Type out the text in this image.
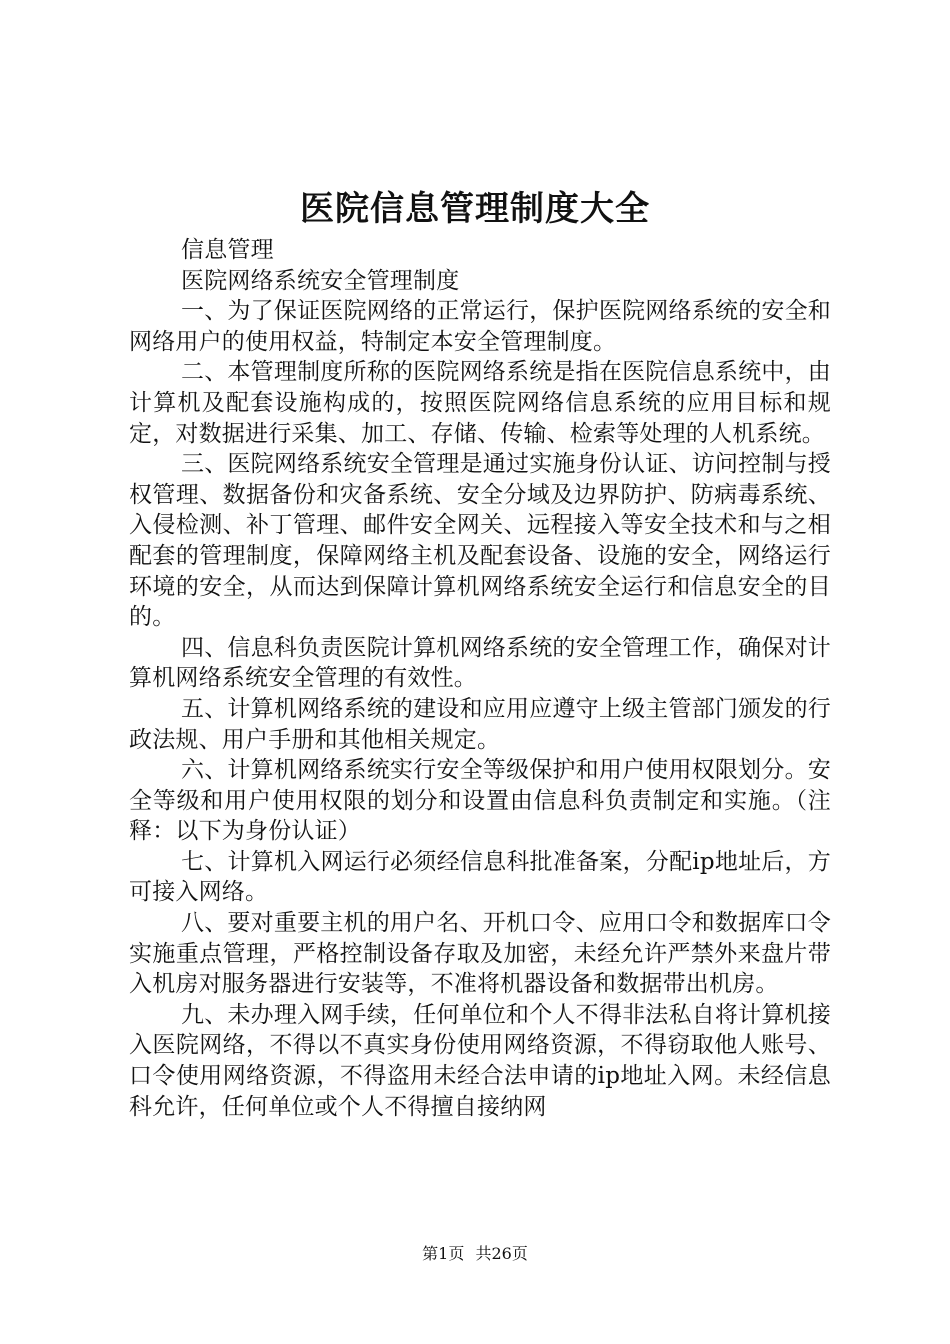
医院信息管理制度大全

信息管理

医院网络系统安全管理制度

一、为了保证医院网络的正常运行，保护医院网络系统的安全和网络用户的使用权益，特制定本安全管理制度。

二、本管理制度所称的医院网络系统是指在医院信息系统中，由计算机及配套设施构成的，按照医院网络信息系统的应用目标和规定，对数据进行采集、加工、存储、传输、检索等处理的人机系统。

三、医院网络系统安全管理是通过实施身份认证、访问控制与授权管理、数据备份和灾备系统、安全分域及边界防护、防病毒系统、入侵检测、补丁管理、邮件安全网关、远程接入等安全技术和与之相配套的管理制度，保障网络主机及配套设备、设施的安全，网络运行环境的安全，从而达到保障计算机网络系统安全运行和信息安全的目的。

四、信息科负责医院计算机网络系统的安全管理工作，确保对计算机网络系统安全管理的有效性。

五、计算机网络系统的建设和应用应遵守上级主管部门颁发的行政法规、用户手册和其他相关规定。

六、计算机网络系统实行安全等级保护和用户使用权限划分。安全等级和用户使用权限的划分和设置由信息科负责制定和实施。（注释：以下为身份认证）

七、计算机入网运行必须经信息科批准备案，分配ip地址后，方可接入网络。

八、要对重要主机的用户名、开机口令、应用口令和数据库口令实施重点管理，严格控制设备存取及加密，未经允许严禁外来盘片带入机房对服务器进行安装等，不准将机器设备和数据带出机房。

九、未办理入网手续，任何单位和个人不得非法私自将计算机接入医院网络，不得以不真实身份使用网络资源，不得窃取他人账号、口令使用网络资源，不得盗用未经合法申请的ip地址入网。未经信息科允许，任何单位或个人不得擅自接纳网

第1页 共26页
